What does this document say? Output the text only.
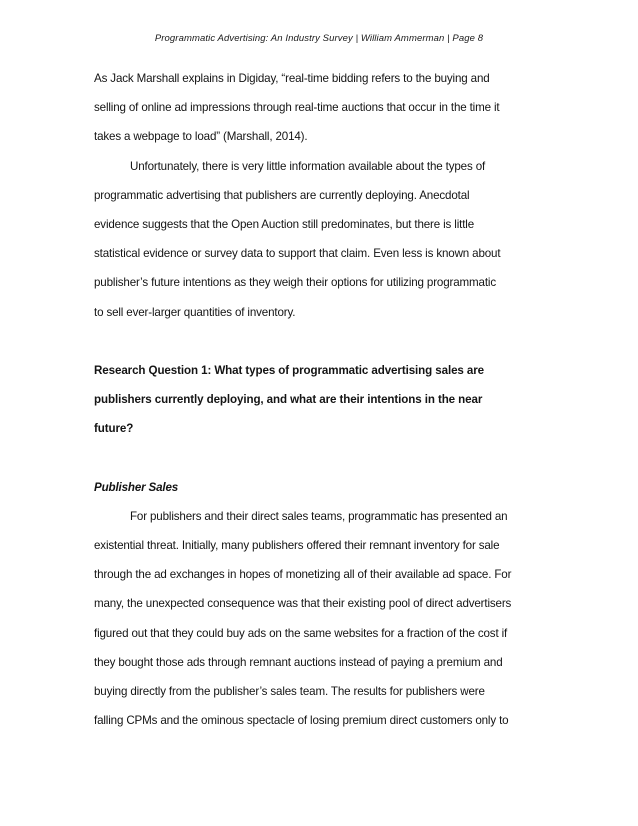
Programmatic Advertising: An Industry Survey | William Ammerman | Page 8
As Jack Marshall explains in Digiday, “real-time bidding refers to the buying and
selling of online ad impressions through real-time auctions that occur in the time it
takes a webpage to load” (Marshall, 2014).
Unfortunately, there is very little information available about the types of
programmatic advertising that publishers are currently deploying. Anecdotal
evidence suggests that the Open Auction still predominates, but there is little
statistical evidence or survey data to support that claim. Even less is known about
publisher’s future intentions as they weigh their options for utilizing programmatic
to sell ever-larger quantities of inventory.
Research Question 1: What types of programmatic advertising sales are
publishers currently deploying, and what are their intentions in the near
future?
Publisher Sales
For publishers and their direct sales teams, programmatic has presented an
existential threat. Initially, many publishers offered their remnant inventory for sale
through the ad exchanges in hopes of monetizing all of their available ad space. For
many, the unexpected consequence was that their existing pool of direct advertisers
figured out that they could buy ads on the same websites for a fraction of the cost if
they bought those ads through remnant auctions instead of paying a premium and
buying directly from the publisher’s sales team. The results for publishers were
falling CPMs and the ominous spectacle of losing premium direct customers only to
